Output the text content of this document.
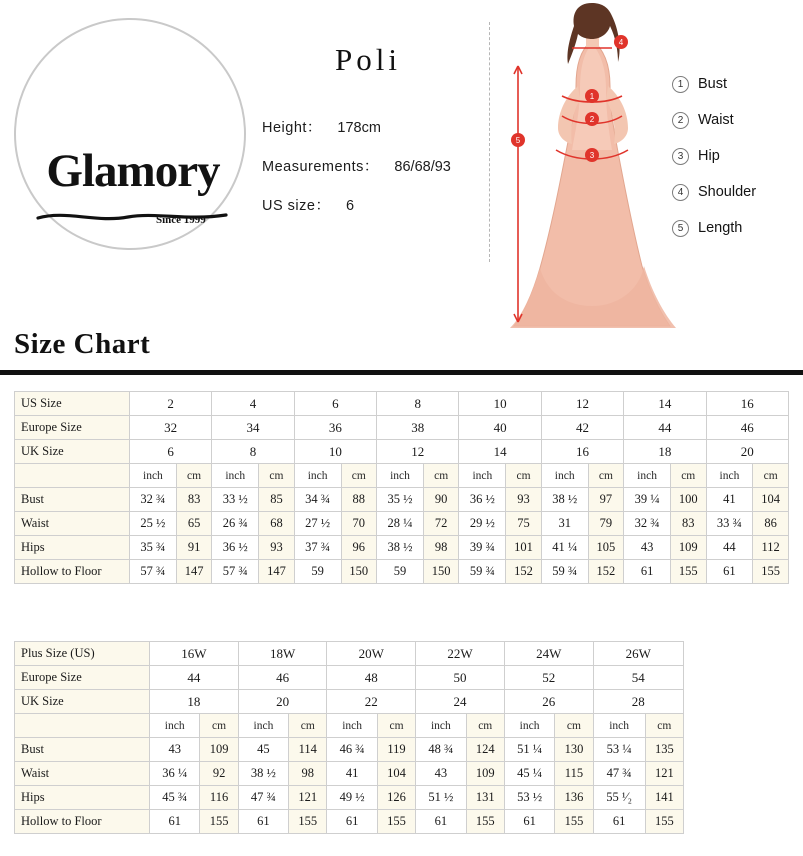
Glamory
Since 1999
Poli
Height： 178cm
Measurements： 86/68/93
US size： 6
1
2
3
4
5
1	Bust
2	Waist
3	Hip
4	Shoulder
5	Length
Size Chart
US Size	2		4		6		8		10		12		14		16	
Europe Size	32		34		36		38		40		42		44		46	
UK Size	6		8		10		12		14		16		18		20	
	inch	cm	inch	cm	inch	cm	inch	cm	inch	cm	inch	cm	inch	cm	inch	cm
Bust	32 ¾	83	33 ½	85	34 ¾	88	35 ½	90	36 ½	93	38 ½	97	39 ¼	100	41	104
Waist	25 ½	65	26 ¾	68	27 ½	70	28 ¼	72	29 ½	75	31	79	32 ¾	83	33 ¾	86
Hips	35 ¾	91	36 ½	93	37 ¾	96	38 ½	98	39 ¾	101	41 ¼	105	43	109	44	112
Hollow to Floor	57 ¾	147	57 ¾	147	59	150	59	150	59 ¾	152	59 ¾	152	61	155	61	155
Plus Size (US)	16W		18W		20W		22W		24W		26W	
Europe Size	44		46		48		50		52		54	
UK Size	18		20		22		24		26		28	
	inch	cm	inch	cm	inch	cm	inch	cm	inch	cm	inch	cm
Bust	43	109	45	114	46 ¾	119	48 ¾	124	51 ¼	130	53 ¼	135
Waist	36 ¼	92	38 ½	98	41	104	43	109	45 ¼	115	47 ¾	121
Hips	45 ¾	116	47 ¾	121	49 ½	126	51 ½	131	53 ½	136	55 ¹⁄₂	141
Hollow to Floor	61	155	61	155	61	155	61	155	61	155	61	155
